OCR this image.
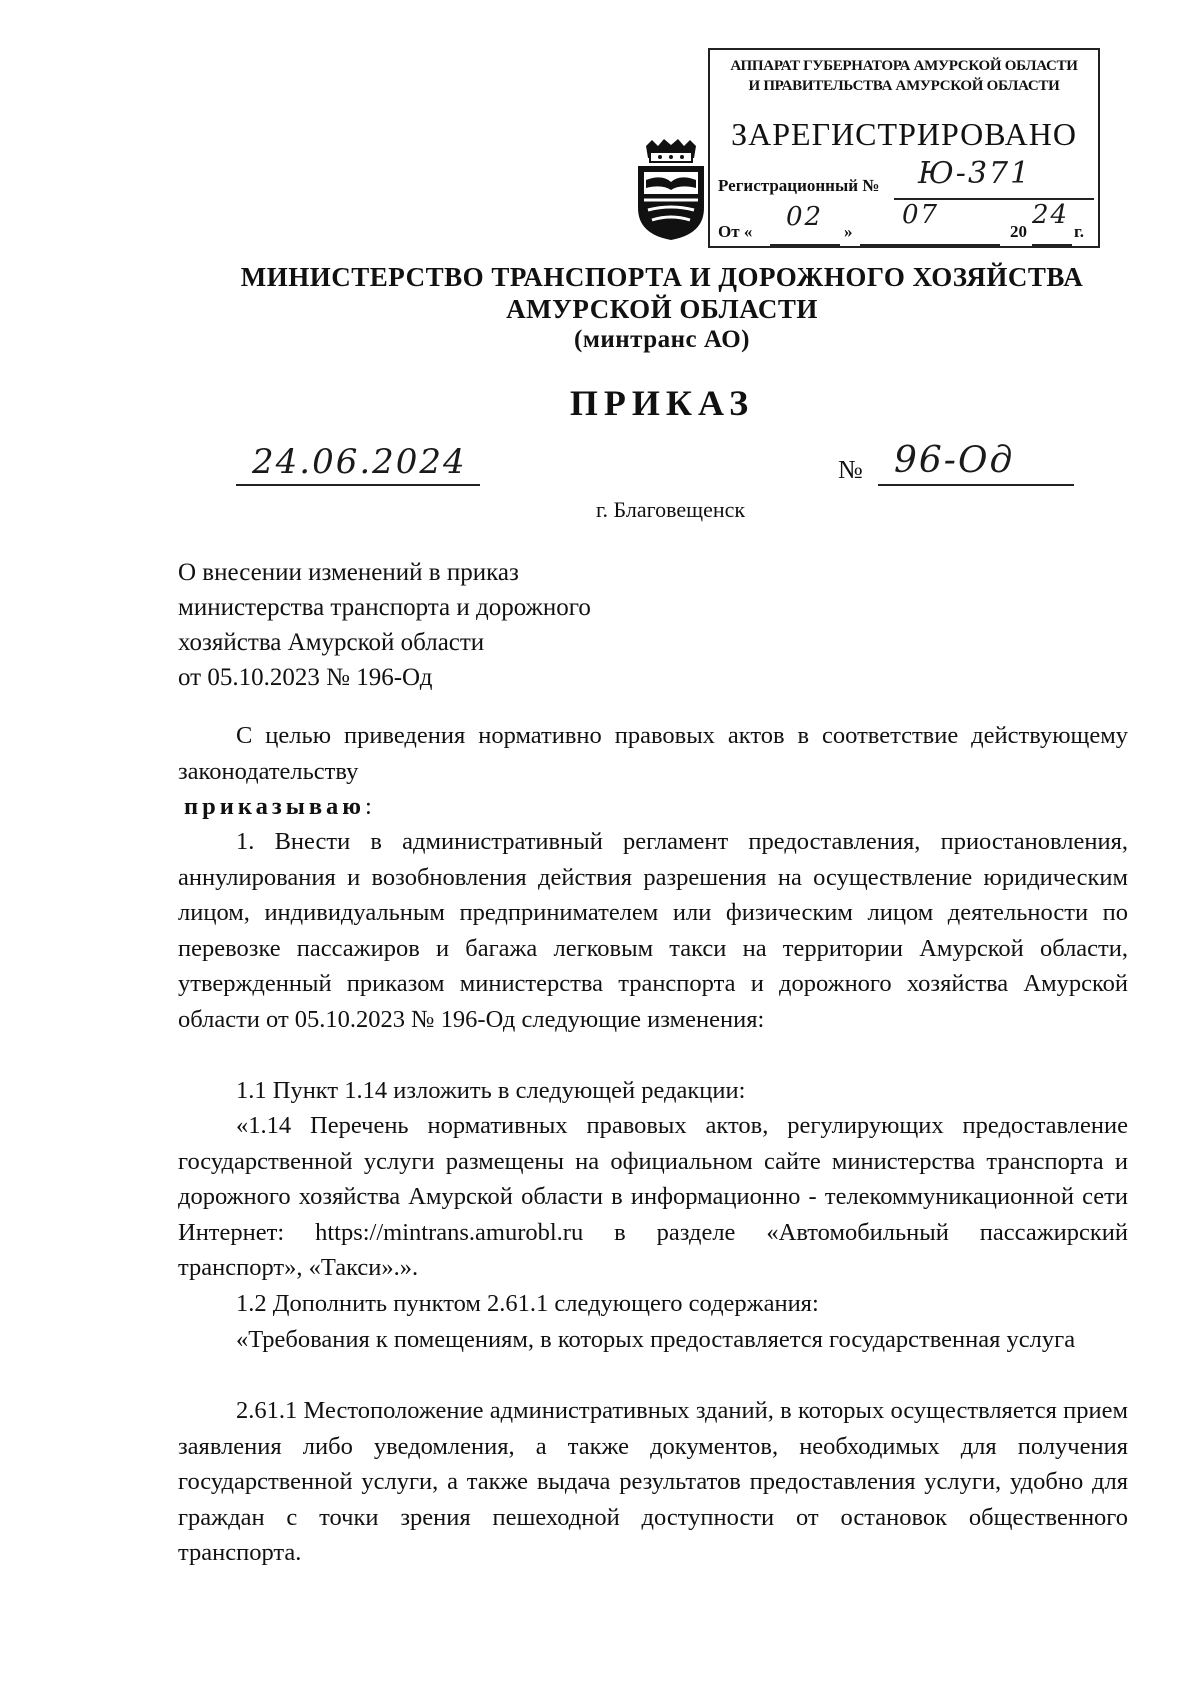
АППАРАТ ГУБЕРНАТОРА АМУРСКОЙ ОБЛАСТИ
И ПРАВИТЕЛЬСТВА АМУРСКОЙ ОБЛАСТИ
ЗАРЕГИСТРИРОВАНО
Регистрационный № Ю-371
От « 02 »
07
20
24
г.
МИНИСТЕРСТВО ТРАНСПОРТА И ДОРОЖНОГО ХОЗЯЙСТВА
АМУРСКОЙ ОБЛАСТИ
(минтранс АО)
ПРИКАЗ
24.06.2024	№ 96-Од
г. Благовещенск
О внесении изменений в приказ
министерства транспорта и дорожного
хозяйства Амурской области
от 05.10.2023 № 196-Од
С целью приведения нормативно правовых актов в соответствие действующему законодательству
приказываю:
1. Внести в административный регламент предоставления, приостановления, аннулирования и возобновления действия разрешения на осуществление юридическим лицом, индивидуальным предпринимателем или физическим лицом деятельности по перевозке пассажиров и багажа легковым такси на территории Амурской области, утвержденный приказом министерства транспорта и дорожного хозяйства Амурской области от 05.10.2023 № 196-Од следующие изменения:
1.1 Пункт 1.14 изложить в следующей редакции:
«1.14 Перечень нормативных правовых актов, регулирующих предоставление государственной услуги размещены на официальном сайте министерства транспорта и дорожного хозяйства Амурской области в информационно - телекоммуникационной сети Интернет: https://mintrans.amurobl.ru в разделе «Автомобильный пассажирский транспорт», «Такси».».
1.2 Дополнить пунктом 2.61.1 следующего содержания:
«Требования к помещениям, в которых предоставляется государственная услуга
2.61.1 Местоположение административных зданий, в которых осуществляется прием заявления либо уведомления, а также документов, необходимых для получения государственной услуги, а также выдача результатов предоставления услуги, удобно для граждан с точки зрения пешеходной доступности от остановок общественного транспорта.
